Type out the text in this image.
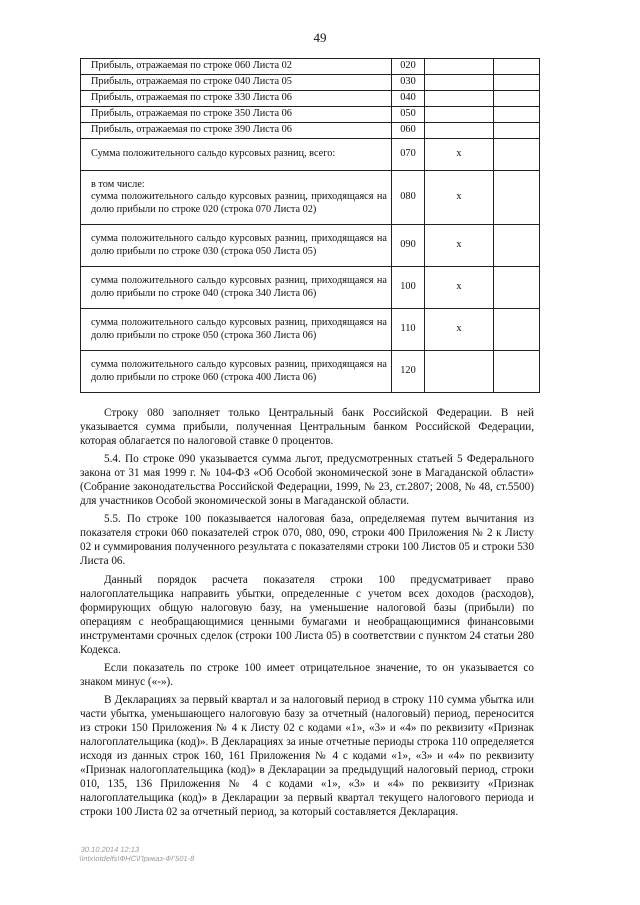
49
Прибыль, отражаемая по строке 060 Листа 02	020		
Прибыль, отражаемая по строке 040 Листа 05	030		
Прибыль, отражаемая по строке 330 Листа 06	040		
Прибыль, отражаемая по строке 350 Листа 06	050		
Прибыль, отражаемая по строке 390 Листа 06	060		
Сумма положительного сальдо курсовых разниц, всего:	070	x	

в том числе:
сумма положительного сальдо курсовых разниц, приходящаяся на долю прибыли по строке 020 (строка 070 Листа 02)	080	x	
сумма положительного сальдо курсовых разниц, приходящаяся на долю прибыли по строке 030 (строка 050 Листа 05)	090	x	
сумма положительного сальдо курсовых разниц, приходящаяся на долю прибыли по строке 040 (строка 340 Листа 06)	100	x	
сумма положительного сальдо курсовых разниц, приходящаяся на долю прибыли по строке 050 (строка 360 Листа 06)	110	x	
сумма положительного сальдо курсовых разниц, приходящаяся на долю прибыли по строке 060 (строка 400 Листа 06)	120		

Строку 080 заполняет только Центральный банк Российской Федерации. В ней указывается сумма прибыли, полученная Центральным банком Российской Федерации, которая облагается по налоговой ставке 0 процентов.

5.4. По строке 090 указывается сумма льгот, предусмотренных статьей 5 Федерального закона от 31 мая 1999 г. № 104-ФЗ «Об Особой экономической зоне в Магаданской области» (Собрание законодательства Российской Федерации, 1999, № 23, ст.2807; 2008, № 48, ст.5500) для участников Особой экономической зоны в Магаданской области.

5.5. По строке 100 показывается налоговая база, определяемая путем вычитания из показателя строки 060 показателей строк 070, 080, 090, строки 400 Приложения № 2 к Листу 02 и суммирования полученного результата с показателями строки 100 Листов 05 и строки 530 Листа 06.

Данный порядок расчета показателя строки 100 предусматривает право налогоплательщика направить убытки, определенные с учетом всех доходов (расходов), формирующих общую налоговую базу, на уменьшение налоговой базы (прибыли) по операциям с необращающимися ценными бумагами и необращающимися финансовыми инструментами срочных сделок (строки 100 Листа 05) в соответствии с пунктом 24 статьи 280 Кодекса.

Если показатель по строке 100 имеет отрицательное значение, то он указывается со знаком минус («-»).

В Декларациях за первый квартал и за налоговый период в строку 110 сумма убытка или части убытка, уменьшающего налоговую базу за отчетный (налоговый) период, переносится из строки 150 Приложения № 4 к Листу 02 с кодами «1», «3» и «4» по реквизиту «Признак налогоплательщика (код)». В Декларациях за иные отчетные периоды строка 110 определяется исходя из данных строк 160, 161 Приложения № 4 с кодами «1», «3» и «4» по реквизиту «Признак налогоплательщика (код)» в Декларации за предыдущий налоговый период, строки 010, 135, 136 Приложения № 4 с кодами «1», «3» и «4» по реквизиту «Признак налогоплательщика (код)» в Декларации за первый квартал текущего налогового периода и строки 100 Листа 02 за отчетный период, за который составляется Декларация.

30.10.2014 12:13
\\ntx\otdelfs\ФНС\Приказ-ФГ501-8
